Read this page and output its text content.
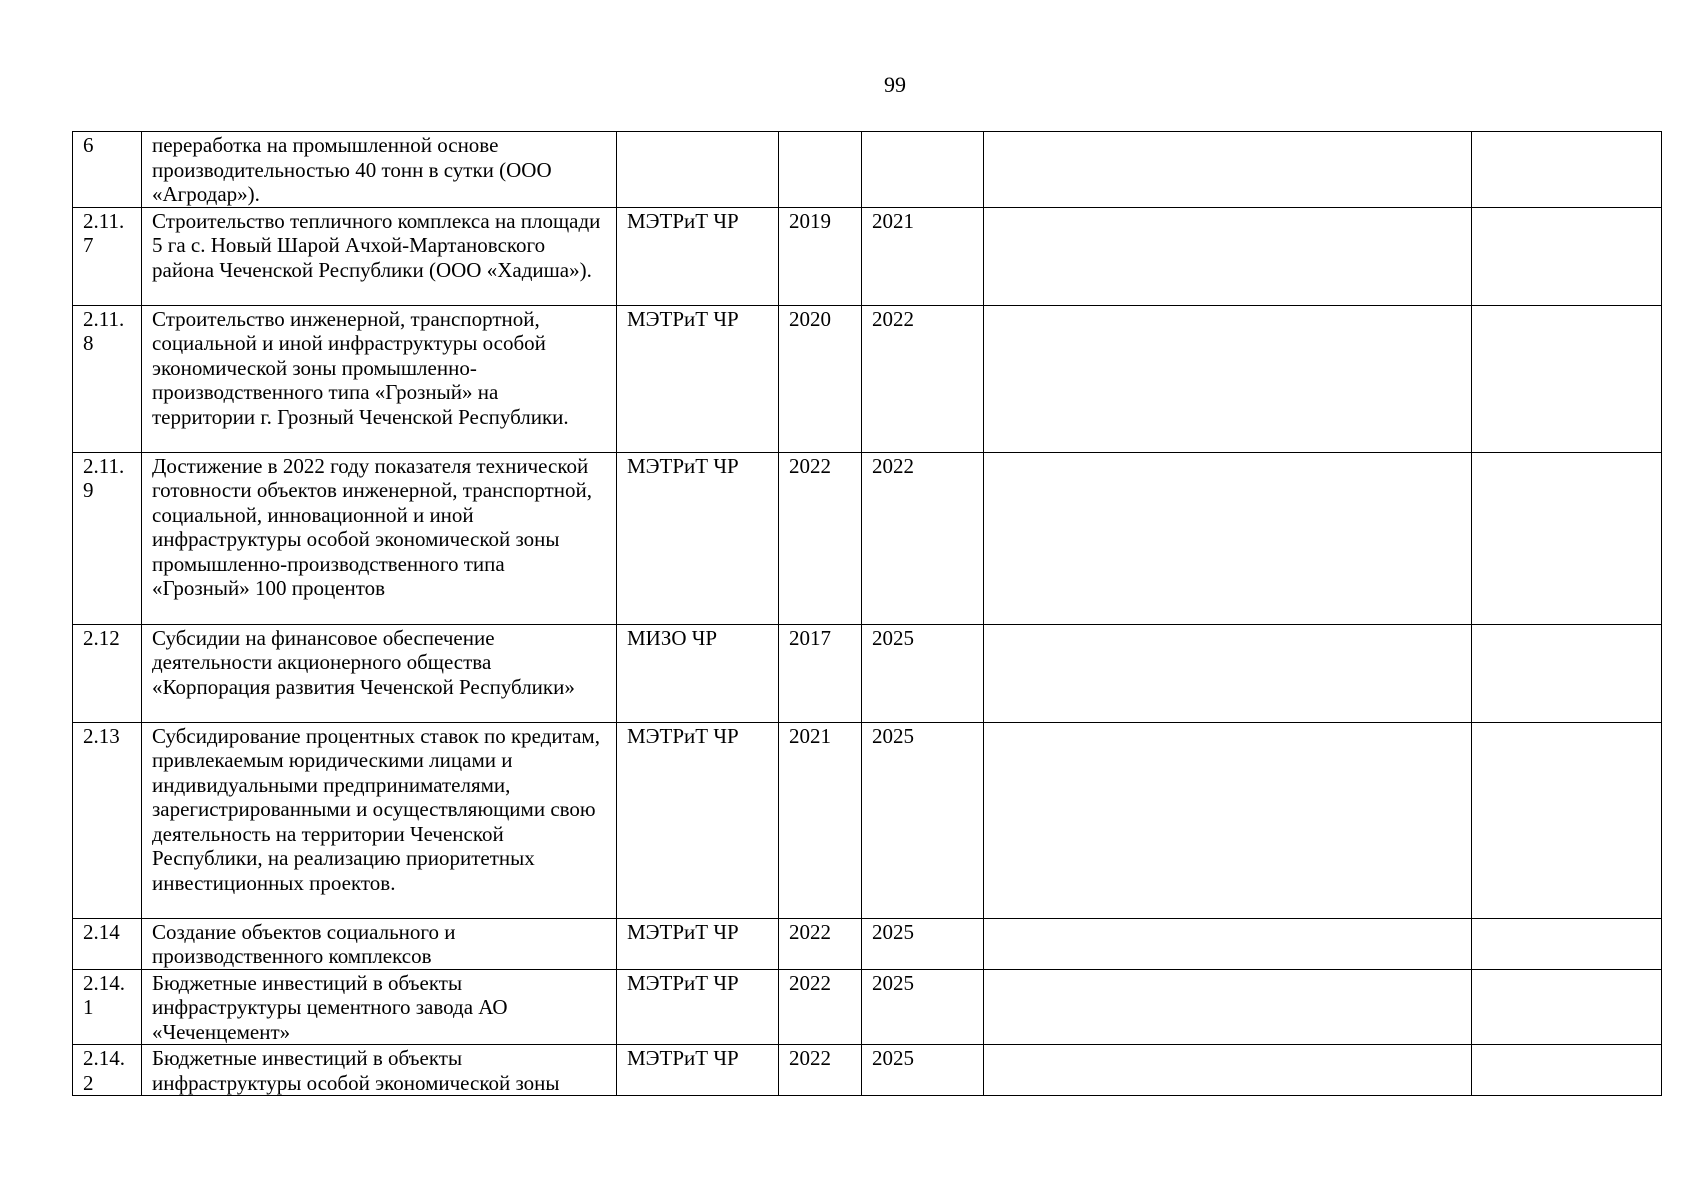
99
6	переработка на промышленной основе производительностью 40 тонн в сутки (ООО «Агродар»).					
2.11. 7	Строительство тепличного комплекса на площади 5 га с. Новый Шарой Ачхой-Мартановского района Чеченской Республики (ООО «Хадиша»).	МЭТРиТ ЧР	2019	2021		
2.11. 8	Строительство инженерной, транспортной, социальной и иной инфраструктуры особой экономической зоны промышленно-производственного типа «Грозный» на территории г. Грозный Чеченской Республики.	МЭТРиТ ЧР	2020	2022		
2.11. 9	Достижение в 2022 году показателя технической готовности объектов инженерной, транспортной, социальной, инновационной и иной инфраструктуры особой экономической зоны промышленно-производственного типа «Грозный» 100 процентов	МЭТРиТ ЧР	2022	2022		
2.12	Субсидии на финансовое обеспечение деятельности акционерного общества «Корпорация развития Чеченской Республики»	МИЗО ЧР	2017	2025		
2.13	Субсидирование процентных ставок по кредитам, привлекаемым юридическими лицами и индивидуальными предпринимателями, зарегистрированными и осуществляющими свою деятельность на территории Чеченской Республики, на реализацию приоритетных инвестиционных проектов.	МЭТРиТ ЧР	2021	2025		
2.14	Создание объектов социального и производственного комплексов	МЭТРиТ ЧР	2022	2025		
2.14. 1	Бюджетные инвестиций в объекты инфраструктуры цементного завода АО «Чеченцемент»	МЭТРиТ ЧР	2022	2025		
2.14. 2	Бюджетные инвестиций в объекты инфраструктуры особой экономической зоны	МЭТРиТ ЧР	2022	2025		
